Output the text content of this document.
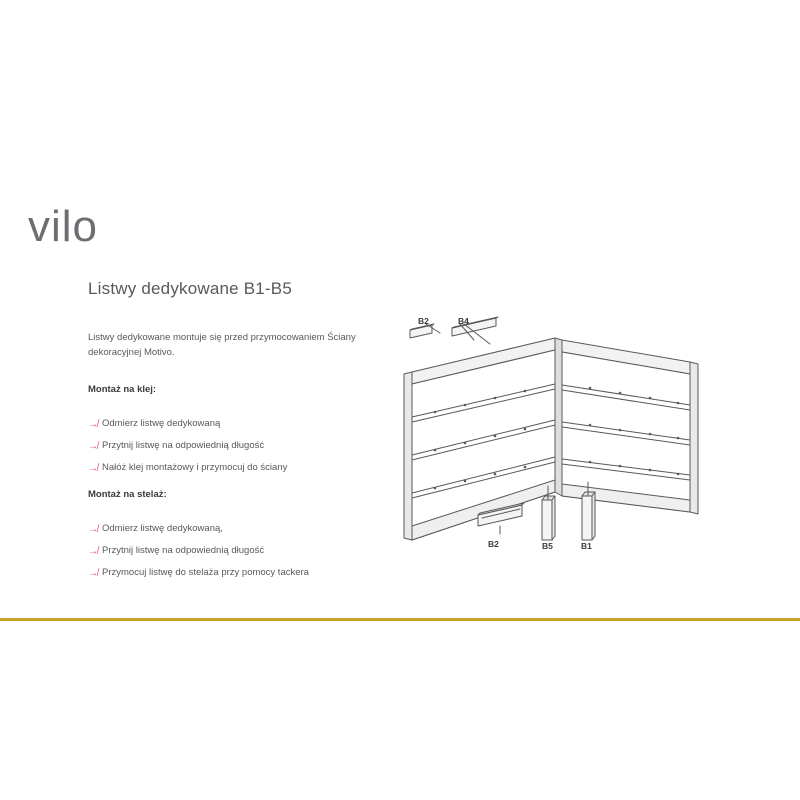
vilo
Listwy dedykowane B1-B5
Listwy dedykowane montuje się przed przymocowaniem Ściany dekoracyjnej Motivo.
Montaż na klej:
↛ Odmierz listwę dedykowaną
↛ Przytnij listwę na odpowiednią długość
↛ Nałóż klej montażowy i przymocuj do ściany
Montaż na stelaż:
↛ Odmierz listwę dedykowaną,
↛ Przytnij listwę na odpowiednią długość
↛ Przymocuj listwę do stelaża przy pomocy tackera
B2	B4
B2	B5	B1
